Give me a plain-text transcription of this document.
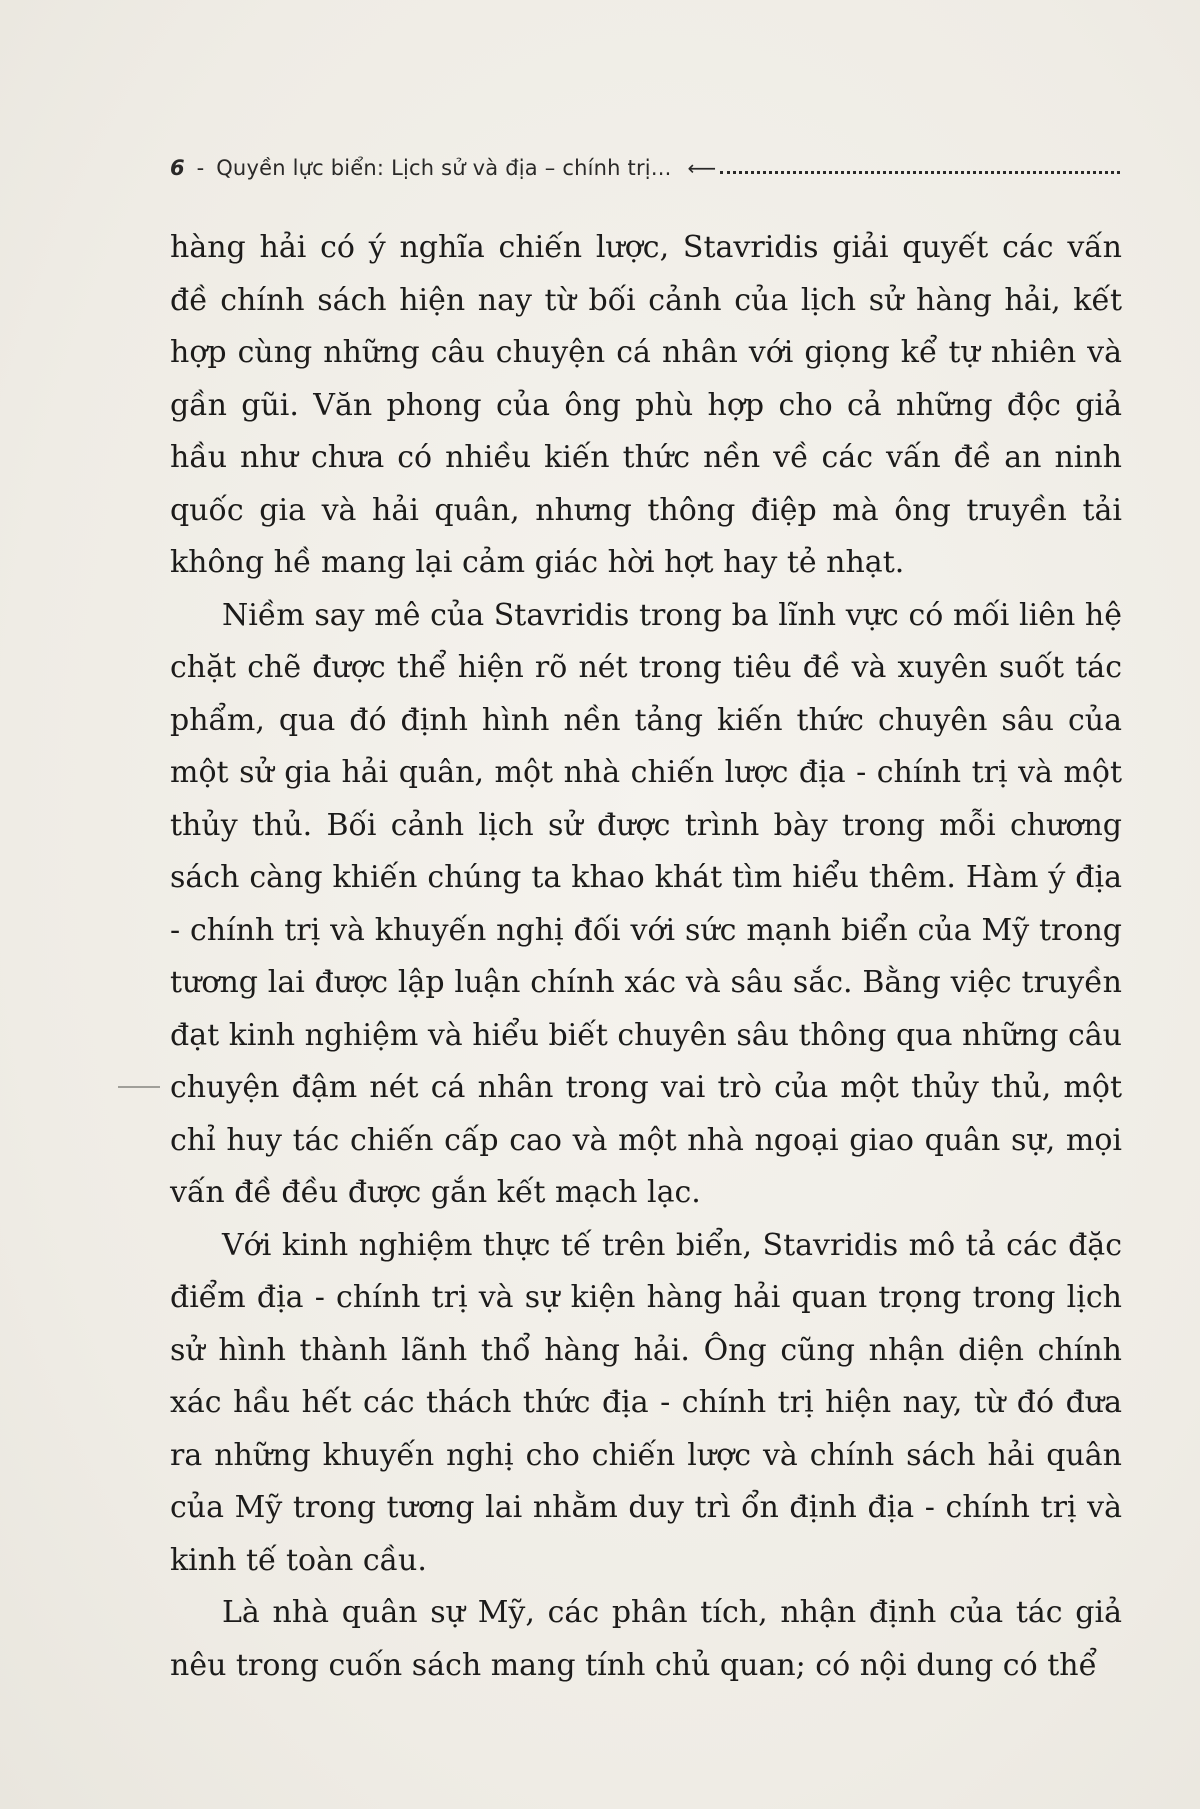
6 - Quyền lực biển: Lịch sử và địa – chính trị... ⟵

hàng hải có ý nghĩa chiến lược, Stavridis giải quyết các vấn đề chính sách hiện nay từ bối cảnh của lịch sử hàng hải, kết hợp cùng những câu chuyện cá nhân với giọng kể tự nhiên và gần gũi. Văn phong của ông phù hợp cho cả những độc giả hầu như chưa có nhiều kiến thức nền về các vấn đề an ninh quốc gia và hải quân, nhưng thông điệp mà ông truyền tải không hề mang lại cảm giác hời hợt hay tẻ nhạt.

Niềm say mê của Stavridis trong ba lĩnh vực có mối liên hệ chặt chẽ được thể hiện rõ nét trong tiêu đề và xuyên suốt tác phẩm, qua đó định hình nền tảng kiến thức chuyên sâu của một sử gia hải quân, một nhà chiến lược địa - chính trị và một thủy thủ. Bối cảnh lịch sử được trình bày trong mỗi chương sách càng khiến chúng ta khao khát tìm hiểu thêm. Hàm ý địa - chính trị và khuyến nghị đối với sức mạnh biển của Mỹ trong tương lai được lập luận chính xác và sâu sắc. Bằng việc truyền đạt kinh nghiệm và hiểu biết chuyên sâu thông qua những câu chuyện đậm nét cá nhân trong vai trò của một thủy thủ, một chỉ huy tác chiến cấp cao và một nhà ngoại giao quân sự, mọi vấn đề đều được gắn kết mạch lạc.

Với kinh nghiệm thực tế trên biển, Stavridis mô tả các đặc điểm địa - chính trị và sự kiện hàng hải quan trọng trong lịch sử hình thành lãnh thổ hàng hải. Ông cũng nhận diện chính xác hầu hết các thách thức địa - chính trị hiện nay, từ đó đưa ra những khuyến nghị cho chiến lược và chính sách hải quân của Mỹ trong tương lai nhằm duy trì ổn định địa - chính trị và kinh tế toàn cầu.

Là nhà quân sự Mỹ, các phân tích, nhận định của tác giả nêu trong cuốn sách mang tính chủ quan; có nội dung có thể
